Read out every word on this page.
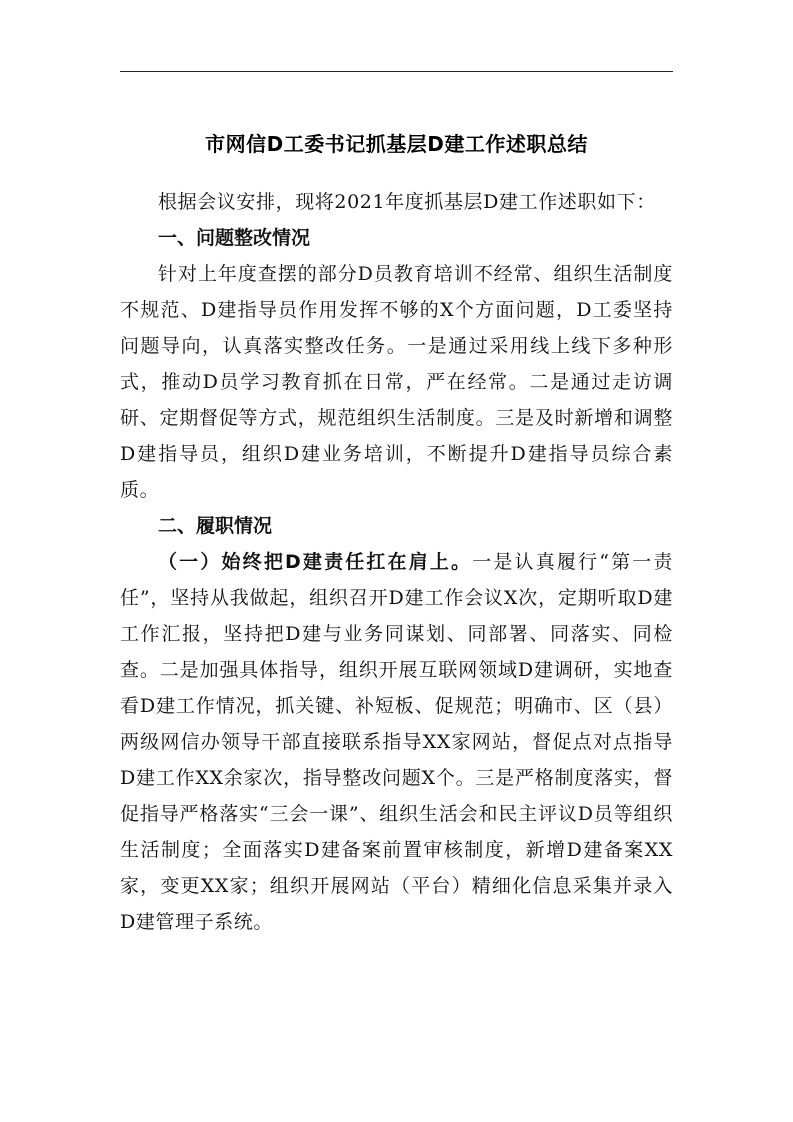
市网信D工委书记抓基层D建工作述职总结

根据会议安排，现将2021年度抓基层D建工作述职如下：

一、问题整改情况

针对上年度查摆的部分D员教育培训不经常、组织生活制度不规范、D建指导员作用发挥不够的X个方面问题，D工委坚持问题导向，认真落实整改任务。一是通过采用线上线下多种形式，推动D员学习教育抓在日常，严在经常。二是通过走访调研、定期督促等方式，规范组织生活制度。三是及时新增和调整D建指导员，组织D建业务培训，不断提升D建指导员综合素质。

二、履职情况

（一）始终把D建责任扛在肩上。一是认真履行“第一责任”，坚持从我做起，组织召开D建工作会议X次，定期听取D建工作汇报，坚持把D建与业务同谋划、同部署、同落实、同检查。二是加强具体指导，组织开展互联网领域D建调研，实地查看D建工作情况，抓关键、补短板、促规范；明确市、区（县）两级网信办领导干部直接联系指导XX家网站，督促点对点指导D建工作XX余家次，指导整改问题X个。三是严格制度落实，督促指导严格落实“三会一课”、组织生活会和民主评议D员等组织生活制度；全面落实D建备案前置审核制度，新增D建备案XX家，变更XX家；组织开展网站（平台）精细化信息采集并录入D建管理子系统。
